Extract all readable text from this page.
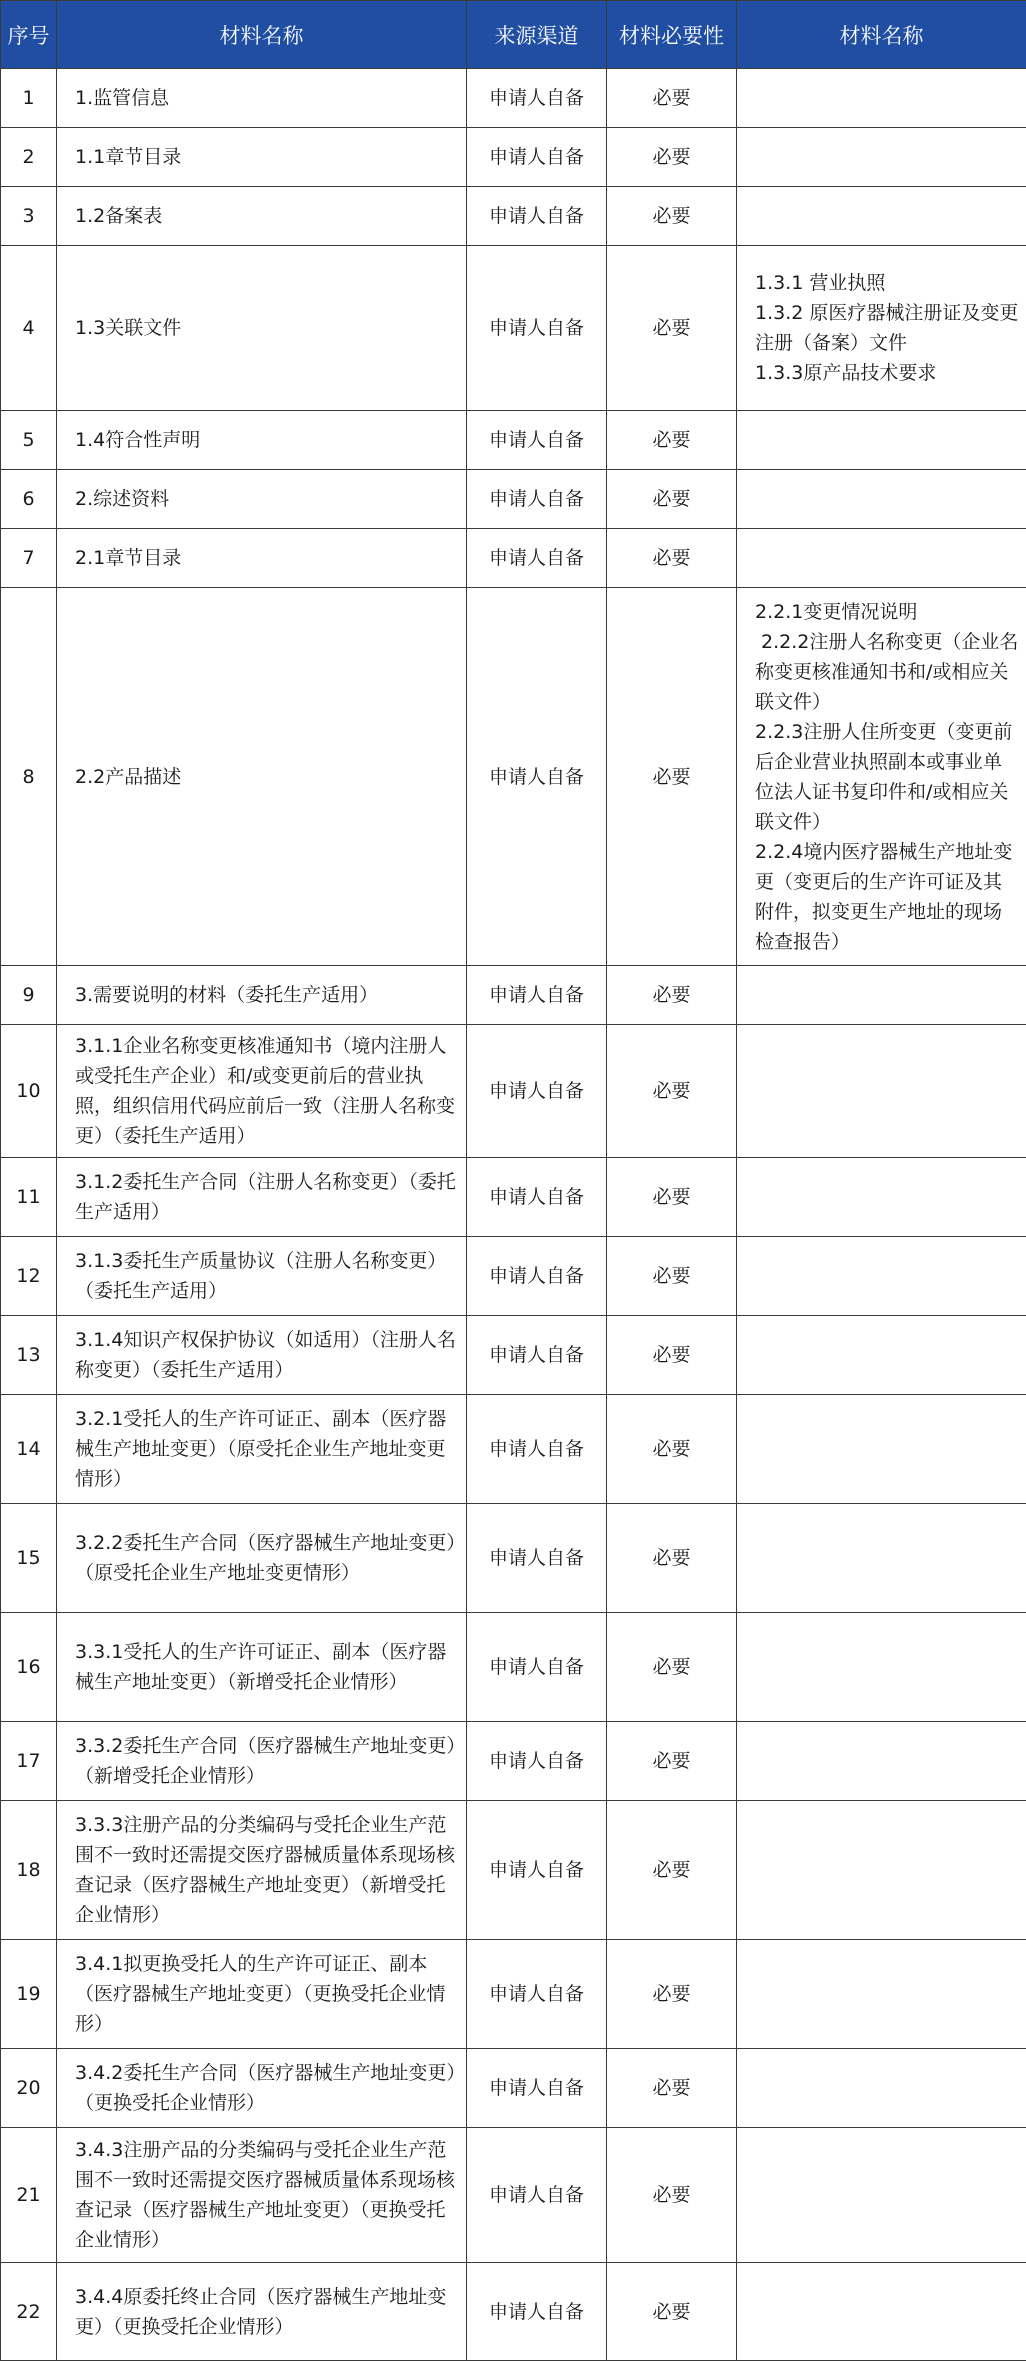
序号	材料名称	来源渠道	材料必要性	材料名称
1	1.监管信息	申请人自备	必要	
2	1.1章节目录	申请人自备	必要	
3	1.2备案表	申请人自备	必要	
4	1.3关联文件	申请人自备	必要	1.3.1 营业执照
1.3.2 原医疗器械注册证及变更注册（备案）文件
1.3.3原产品技术要求

5	1.4符合性声明	申请人自备	必要	
6	2.综述资料	申请人自备	必要	
7	2.1章节目录	申请人自备	必要	
8	2.2产品描述	申请人自备	必要	2.2.1变更情况说明
2.2.2注册人名称变更（企业名称变更核准通知书和/或相应关联文件）
2.2.3注册人住所变更（变更前后企业营业执照副本或事业单位法人证书复印件和/或相应关联文件）
2.2.4境内医疗器械生产地址变更（变更后的生产许可证及其附件，拟变更生产地址的现场检查报告）

9	3.需要说明的材料（委托生产适用）	申请人自备	必要	
10	3.1.1企业名称变更核准通知书（境内注册人或受托生产企业）和/或变更前后的营业执照，组织信用代码应前后一致（注册人名称变更）（委托生产适用）	申请人自备	必要	
11	3.1.2委托生产合同（注册人名称变更）（委托生产适用）	申请人自备	必要	
12	3.1.3委托生产质量协议（注册人名称变更）（委托生产适用）	申请人自备	必要	
13	3.1.4知识产权保护协议（如适用）（注册人名称变更）（委托生产适用）	申请人自备	必要	
14	3.2.1受托人的生产许可证正、副本（医疗器械生产地址变更）（原受托企业生产地址变更情形）	申请人自备	必要	
15	3.2.2委托生产合同（医疗器械生产地址变更）（原受托企业生产地址变更情形）	申请人自备	必要	
16	3.3.1受托人的生产许可证正、副本（医疗器械生产地址变更）（新增受托企业情形）	申请人自备	必要	
17	3.3.2委托生产合同（医疗器械生产地址变更）（新增受托企业情形）	申请人自备	必要	
18	3.3.3注册产品的分类编码与受托企业生产范围不一致时还需提交医疗器械质量体系现场核查记录（医疗器械生产地址变更）（新增受托企业情形）	申请人自备	必要	
19	3.4.1拟更换受托人的生产许可证正、副本（医疗器械生产地址变更）（更换受托企业情形）	申请人自备	必要	
20	3.4.2委托生产合同（医疗器械生产地址变更）（更换受托企业情形）	申请人自备	必要	
21	3.4.3注册产品的分类编码与受托企业生产范围不一致时还需提交医疗器械质量体系现场核查记录（医疗器械生产地址变更）（更换受托企业情形）	申请人自备	必要	
22	3.4.4原委托终止合同（医疗器械生产地址变更）（更换受托企业情形）	申请人自备	必要	
